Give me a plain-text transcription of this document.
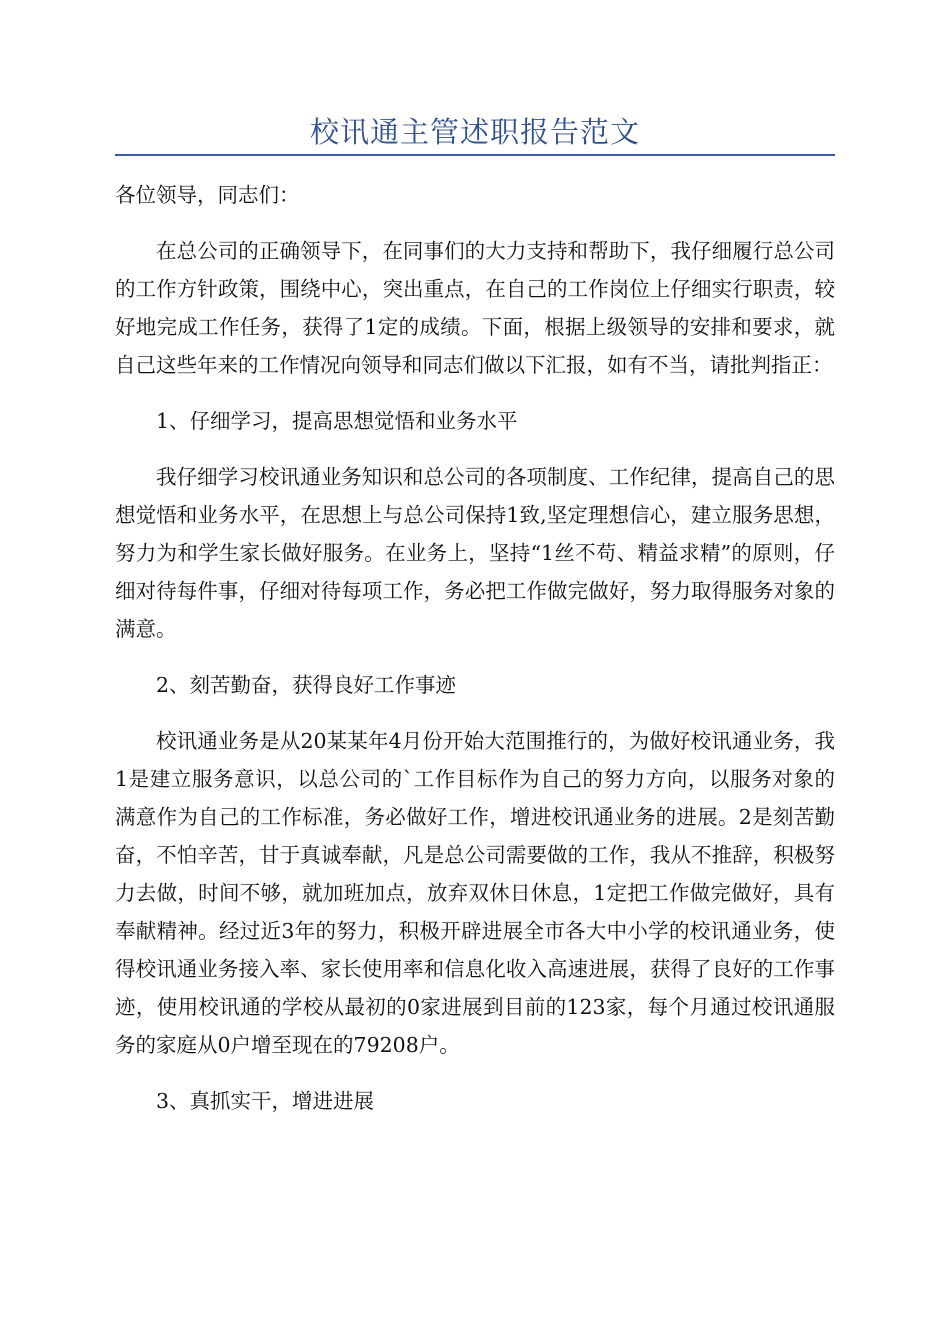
校讯通主管述职报告范文

各位领导，同志们：

在总公司的正确领导下，在同事们的大力支持和帮助下，我仔细履行总公司的工作方针政策，围绕中心，突出重点，在自己的工作岗位上仔细实行职责，较好地完成工作任务，获得了1定的成绩。下面，根据上级领导的安排和要求，就自己这些年来的工作情况向领导和同志们做以下汇报，如有不当，请批判指正：

1、仔细学习，提高思想觉悟和业务水平

我仔细学习校讯通业务知识和总公司的各项制度、工作纪律，提高自己的思想觉悟和业务水平，在思想上与总公司保持1致,坚定理想信心，建立服务思想，努力为和学生家长做好服务。在业务上，坚持“1丝不苟、精益求精”的原则，仔细对待每件事，仔细对待每项工作，务必把工作做完做好，努力取得服务对象的满意。

2、刻苦勤奋，获得良好工作事迹

校讯通业务是从20某某年4月份开始大范围推行的，为做好校讯通业务，我1是建立服务意识，以总公司的`工作目标作为自己的努力方向，以服务对象的满意作为自己的工作标准，务必做好工作，增进校讯通业务的进展。2是刻苦勤奋，不怕辛苦，甘于真诚奉献，凡是总公司需要做的工作，我从不推辞，积极努力去做，时间不够，就加班加点，放弃双休日休息，1定把工作做完做好，具有奉献精神。经过近3年的努力，积极开辟进展全市各大中小学的校讯通业务，使得校讯通业务接入率、家长使用率和信息化收入高速进展，获得了良好的工作事迹，使用校讯通的学校从最初的0家进展到目前的123家，每个月通过校讯通服务的家庭从0户增至现在的79208户。

3、真抓实干，增进进展
